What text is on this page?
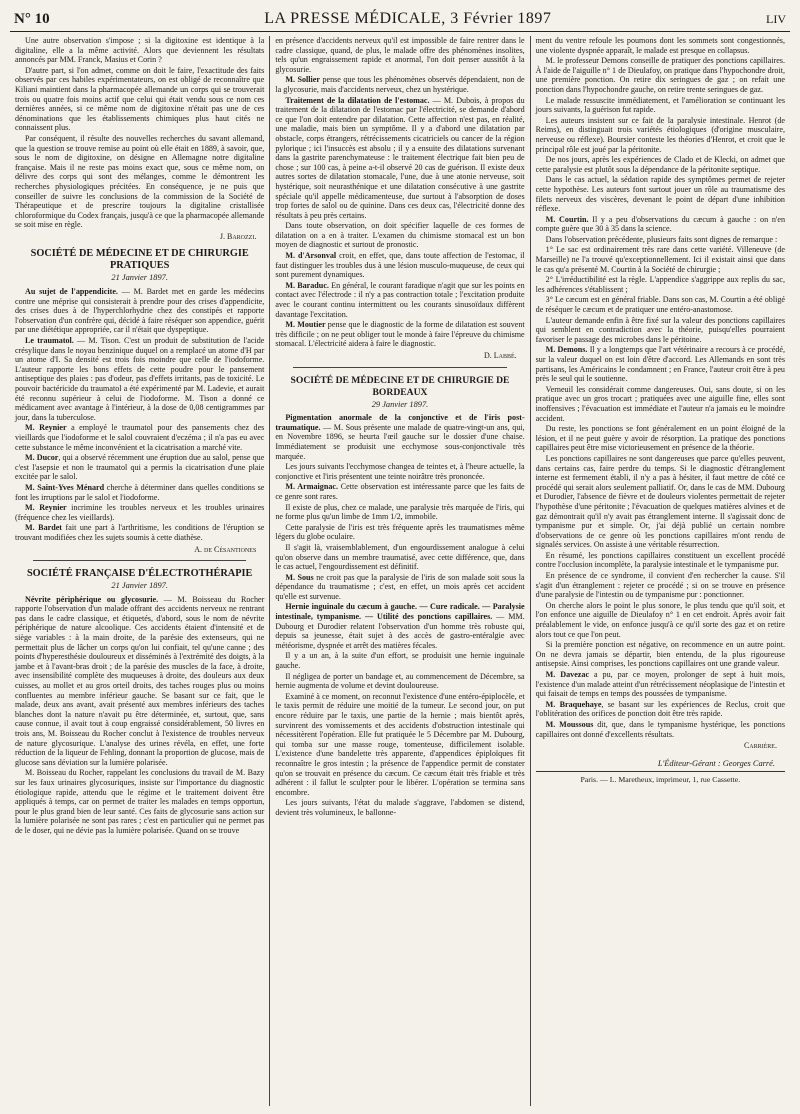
N° 10	LA PRESSE MÉDICALE, 3 Février 1897	LIV

Une autre observation s'impose ; si la digitoxine est identique à la digitaline, elle a la même activité. Alors que deviennent les résultats annoncés par MM. Franck, Masius et Corin ?

D'autre part, si l'on admet, comme on doit le faire, l'exactitude des faits observés par ces habiles expérimentateurs, on est obligé de reconnaître que Kiliani maintient dans la pharmacopée allemande un corps qui se trouverait trois ou quatre fois moins actif que celui qui était vendu sous ce nom ces dernières années, si ce même nom de digitoxine n'était pas une de ces dénominations que les établissements chimiques plus haut cités ne connaissent plus.

Par conséquent, il résulte des nouvelles recherches du savant allemand, que la question se trouve remise au point où elle était en 1889, à savoir, que, sous le nom de digitoxine, on désigne en Allemagne notre digitaline française. Mais il ne reste pas moins exact que, sous ce même nom, on délivre des corps qui sont des mélanges, comme le démontrent les recherches physiologiques précitées. En conséquence, je ne puis que conseiller de suivre les conclusions de la commission de la Société de Thérapeutique et de prescrire toujours la digitaline cristallisée chloroformique du Codex français, jusqu'à ce que la pharmacopée allemande se soit mise en règle.

J. Barozzi.
SOCIÉTÉ DE MÉDECINE ET DE CHIRURGIE PRATIQUES
21 Janvier 1897.

Au sujet de l'appendicite. — M. Bardet met en garde les médecins contre une méprise qui consisterait à prendre pour des crises d'appendicite, des crises dues à de l'hyperchlorhydrie chez des constipés et rapporte l'observation d'un confrère qui, décidé à faire réséquer son appendice, guérit par une diététique appropriée, car il n'était que dyspeptique.

Le traumatol. — M. Tison. C'est un produit de substitution de l'acide crésylique dans le noyau benzinique duquel on a remplacé un atome d'H par un atome d'I. Sa densité est trois fois moindre que celle de l'iodoforme. L'auteur rapporte les bons effets de cette poudre pour le pansement antiseptique des plaies : pas d'odeur, pas d'effets irritants, pas de toxicité. Le pouvoir bactéricide du traumatol a été expérimenté par M. Ladevie, et aurait été reconnu supérieur à celui de l'iodoforme. M. Tison a donné ce médicament avec avantage à l'intérieur, à la dose de 0,08 centigrammes par jour, dans la tuberculose.

M. Reynier a employé le traumatol pour des pansements chez des vieillards que l'iodoforme et le salol couvraient d'eczéma ; il n'a pas eu avec cette substance le même inconvénient et la cicatrisation a marché vite.

M. Ducor, qui a observé récemment une éruption due au salol, pense que c'est l'asepsie et non le traumatol qui a permis la cicatrisation d'une plaie excitée par le salol.

M. Saint-Yves Ménard cherche à déterminer dans quelles conditions se font les irruptions par le salol et l'iodoforme.

M. Reynier incrimine les troubles nerveux et les troubles urinaires (fréquence chez les vieillards).

M. Bardet fait une part à l'arthritisme, les conditions de l'éruption se trouvant modifiées chez les sujets soumis à cette diathèse.

A. de Césantiones
SOCIÉTÉ FRANÇAISE D'ÉLECTROTHÉRAPIE
21 Janvier 1897.

Névrite périphérique ou glycosurie. — M. Boisseau du Rocher rapporte l'observation d'un malade offrant des accidents nerveux ne rentrant pas dans le cadre classique, et étiquetés, d'abord, sous le nom de névrite périphérique de nature alcoolique. Ces accidents étaient d'intensité et de siège variables : à la main droite, de la parésie des extenseurs, qui ne permettait plus de lâcher un corps qu'on lui confiait, tel qu'une canne ; des points d'hyperesthésie douloureux et disséminés à l'extrémité des doigts, à la jambe et à l'avant-bras droit ; de la parésie des muscles de la face, à droite, avec insensibilité complète des muqueuses à droite, des douleurs aux deux cuisses, au mollet et au gros orteil droits, des taches rouges plus ou moins confluentes au membre inférieur gauche. Se basant sur ce fait, que le malade, deux ans avant, avait présenté aux membres inférieurs des taches blanches dont la nature n'avait pu être déterminée, et, surtout, que, sans cause connue, il avait tout à coup engraissé considérablement, 50 livres en trois ans, M. Boisseau du Rocher conclut à l'existence de troubles nerveux de nature glycosurique. L'analyse des urines révéla, en effet, une forte réduction de la liqueur de Fehling, donnant la proportion de glucose, mais de glucose sans déviation sur la lumière polarisée.

M. Boisseau du Rocher, rappelant les conclusions du travail de M. Bazy sur les faux urinaires glycosuriques, insiste sur l'importance du diagnostic étiologique rapide, attendu que le régime et le traitement doivent être appliqués à temps, car on permet de traiter les malades en temps opportun, pour le plus grand bien de leur santé. Ces faits de glycosurie sans action sur la lumière polarisée ne sont pas rares ; c'est en particulier qui ne permet pas de le doser, qui ne dévie pas la lumière polarisée. Quand on se trouve

en présence d'accidents nerveux qu'il est impossible de faire rentrer dans le cadre classique, quand, de plus, le malade offre des phénomènes insolites, tels qu'un engraissement rapide et anormal, l'on doit penser aussitôt à la glycosurie.

M. Sollier pense que tous les phénomènes observés dépendaient, non de la glycosurie, mais d'accidents nerveux, chez un hystérique.

Traitement de la dilatation de l'estomac. — M. Dubois, à propos du traitement de la dilatation de l'estomac par l'électricité, se demande d'abord ce que l'on doit entendre par dilatation. Cette affection n'est pas, en réalité, une maladie, mais bien un symptôme. Il y a d'abord une dilatation par obstacle, corps étrangers, rétrécissements cicatriciels ou cancer de la région pylorique ; ici l'insuccès est absolu ; il y a ensuite des dilatations survenant dans la gastrite parenchymateuse : le traitement électrique fait bien peu de chose ; sur 100 cas, à peine a-t-il observé 20 cas de guérison. Il existe deux autres sortes de dilatation stomacale, l'une, due à une atonie nerveuse, soit hystérique, soit neurasthénique et une dilatation consécutive à une gastrite spéciale qu'il appelle médicamenteuse, due surtout à l'absorption de doses trop fortes de salol ou de quinine. Dans ces deux cas, l'électricité donne des résultats à peu près certains.

Dans toute observation, on doit spécifier laquelle de ces formes de dilatation on a en à traiter. L'examen du chimisme stomacal est un bon moyen de diagnostic et surtout de pronostic.

M. d'Arsonval croit, en effet, que, dans toute affection de l'estomac, il faut distinguer les troubles dus à une lésion musculo-muqueuse, de ceux qui sont purement dynamiques.

M. Baraduc. En général, le courant faradique n'agit que sur les points en contact avec l'électrode : il n'y a pas contraction totale ; l'excitation produite avec le courant continu intermittent ou les courants sinusoïdaux diffèrent davantage l'excitation.

M. Moutier pense que le diagnostic de la forme de dilatation est souvent très difficile ; on ne peut obliger tout le monde à faire l'épreuve du chimisme stomacal. L'électricité aidera à faire le diagnostic.

D. Labbé.
SOCIÉTÉ DE MÉDECINE ET DE CHIRURGIE DE BORDEAUX
29 Janvier 1897.

Pigmentation anormale de la conjonctive et de l'iris post-traumatique. — M. Sous présente une malade de quatre-vingt-un ans, qui, en Novembre 1896, se heurta l'œil gauche sur le dossier d'une chaise. Immédiatement se produisit une ecchymose sous-conjonctivale très marquée.

Les jours suivants l'ecchymose changea de teintes et, à l'heure actuelle, la conjonctive et l'iris présentent une teinte noirâtre très prononcée.

M. Armaignac. Cette observation est intéressante parce que les faits de ce genre sont rares.

Il existe de plus, chez ce malade, une paralysie très marquée de l'iris, qui ne forme plus qu'un limbe de 1mm 1/2, immobile.

Cette paralysie de l'iris est très fréquente après les traumatismes même légers du globe oculaire.

Il s'agit là, vraisemblablement, d'un engourdissement analogue à celui qu'on observe dans un membre traumatisé, avec cette différence, que, dans le cas actuel, l'engourdissement est définitif.

M. Sous ne croit pas que la paralysie de l'iris de son malade soit sous la dépendance du traumatisme ; c'est, en effet, un mois après cet accident qu'elle est survenue.

Hernie inguinale du cæcum à gauche. — Cure radicale. — Paralysie intestinale, tympanisme. — Utilité des ponctions capillaires. — MM. Dubourg et Durodier relatent l'observation d'un homme très robuste qui, depuis sa jeunesse, était sujet à des accès de gastro-entéralgie avec météorisme, dyspnée et arrêt des matières fécales.

Il y a un an, à la suite d'un effort, se produisit une hernie inguinale gauche.

Il négligea de porter un bandage et, au commencement de Décembre, sa hernie augmenta de volume et devint douloureuse.

Examiné à ce moment, on reconnut l'existence d'une entéro-épiplocèle, et le taxis permit de réduire une moitié de la tumeur. Le second jour, on put encore réduire par le taxis, une partie de la hernie ; mais bientôt après, survinrent des vomissements et des accidents d'obstruction intestinale qui nécessitèrent l'opération. Elle fut pratiquée le 5 Décembre par M. Dubourg, qui tomba sur une masse rouge, tomenteuse, difficilement isolable. L'existence d'une bandelette très apparente, d'appendices épiploïques fit reconnaître le gros intestin ; la présence de l'appendice permit de constater qu'on se trouvait en présence du cæcum. Ce cæcum était très friable et très adhérent : il fallut le sculpter pour le libérer. L'opération se termina sans encombre.

Les jours suivants, l'état du malade s'aggrave, l'abdomen se distend, devient très volumineux, le ballonne-

ment du ventre refoule les poumons dont les sommets sont congestionnés, une violente dyspnée apparaît, le malade est presque en collapsus.

M. le professeur Demons conseille de pratiquer des ponctions capillaires. À l'aide de l'aiguille n° 1 de Dieulafoy, on pratique dans l'hypochondre droit, une première ponction. On retire dix seringues de gaz ; on refait une ponction dans l'hypochondre gauche, on retire trente seringues de gaz.

Le malade ressuscite immédiatement, et l'amélioration se continuant les jours suivants, la guérison fut rapide.

Les auteurs insistent sur ce fait de la paralysie intestinale. Henrot (de Reims), en distinguait trois variétés étiologiques (d'origine musculaire, nerveuse ou réflexe). Boursier conteste les théories d'Henrot, et croit que le principal rôle est joué par la péritonite.

De nos jours, après les expériences de Clado et de Klecki, on admet que cette paralysie est plutôt sous la dépendance de la péritonite septique.

Dans le cas actuel, la sédation rapide des symptômes permet de rejeter cette hypothèse. Les auteurs font surtout jouer un rôle au traumatisme des filets nerveux des viscères, devenant le point de départ d'une inhibition réflexe.

M. Courtin. Il y a peu d'observations du cæcum à gauche : on n'en compte guère que 30 à 35 dans la science.

Dans l'observation précédente, plusieurs faits sont dignes de remarque :

1° Le sac est ordinairement très rare dans cette variété. Villeneuve (de Marseille) ne l'a trouvé qu'exceptionnellement. Ici il existait ainsi que dans le cas qu'a présenté M. Courtin à la Société de chirurgie ;

2° L'irréductibilité est la règle. L'appendice s'aggrippe aux replis du sac, les adhérences s'établissent ;

3° Le cæcum est en général friable. Dans son cas, M. Courtin a été obligé de réséquer le cæcum et de pratiquer une entéro-anastomose.

L'auteur demande enfin à être fixé sur la valeur des ponctions capillaires qui semblent en contradiction avec la théorie, puisqu'elles pourraient favoriser le passage des microbes dans le péritoine.

M. Demons. Il y a longtemps que l'art vétérinaire a recours à ce procédé, sur la valeur duquel on est loin d'être d'accord. Les Allemands en sont très partisans, les Américains le condamnent ; en France, l'auteur croit être à peu près le seul qui le soutienne.

Verneuil les considérait comme dangereuses. Oui, sans doute, si on les pratique avec un gros trocart ; pratiquées avec une aiguille fine, elles sont inoffensives ; l'évacuation est immédiate et l'auteur n'a jamais eu le moindre accident.

Du reste, les ponctions se font généralement en un point éloigné de la lésion, et il ne peut guère y avoir de résorption. La pratique des ponctions capillaires peut être mise victorieusement en présence de la théorie.

Les ponctions capillaires ne sont dangereuses que parce qu'elles peuvent, dans certains cas, faire perdre du temps. Si le diagnostic d'étranglement interne est fermement établi, il n'y a pas à hésiter, il faut mettre de côté ce procédé qui serait alors seulement palliatif. Or, dans le cas de MM. Dubourg et Durodier, l'absence de fièvre et de douleurs violentes permettait de rejeter l'hypothèse d'une péritonite ; l'évacuation de quelques matières alvines et de gaz démontrait qu'il n'y avait pas étranglement interne. Il s'agissait donc de tympanisme pur et simple. Or, j'ai déjà publié un certain nombre d'observations de ce genre où les ponctions capillaires m'ont rendu de signalés services. On assiste à une véritable résurrection.

En résumé, les ponctions capillaires constituent un excellent procédé contre l'occlusion incomplète, la paralysie intestinale et le tympanisme pur.

En présence de ce syndrome, il convient d'en rechercher la cause. S'il s'agit d'un étranglement : rejeter ce procédé ; si on se trouve en présence d'une paralysie de l'intestin ou de tympanisme pur : ponctionner.

On cherche alors le point le plus sonore, le plus tendu que qu'il soit, et l'on enfonce une aiguille de Dieulafoy n° 1 en cet endroit. Après avoir fait préalablement le vide, on enfonce jusqu'à ce qu'il sorte des gaz et on retire alors tout ce que l'on peut.

Si la première ponction est négative, on recommence en un autre point. On ne devra jamais se départir, bien entendu, de la plus rigoureuse antisepsie. Ainsi comprises, les ponctions capillaires ont une grande valeur.

M. Davezac a pu, par ce moyen, prolonger de sept à huit mois, l'existence d'un malade atteint d'un rétrécissement néoplasique de l'intestin et qui faisait de temps en temps des poussées de tympanisme.

M. Braquehaye, se basant sur les expériences de Reclus, croit que l'oblitération des orifices de ponction doit être très rapide.

M. Moussous dit, que, dans le tympanisme hystérique, les ponctions capillaires ont donné d'excellents résultats.

Carrière.
L'Éditeur-Gérant : Georges Carré.
Paris. — L. Maretheux, imprimeur, 1, rue Cassette.
